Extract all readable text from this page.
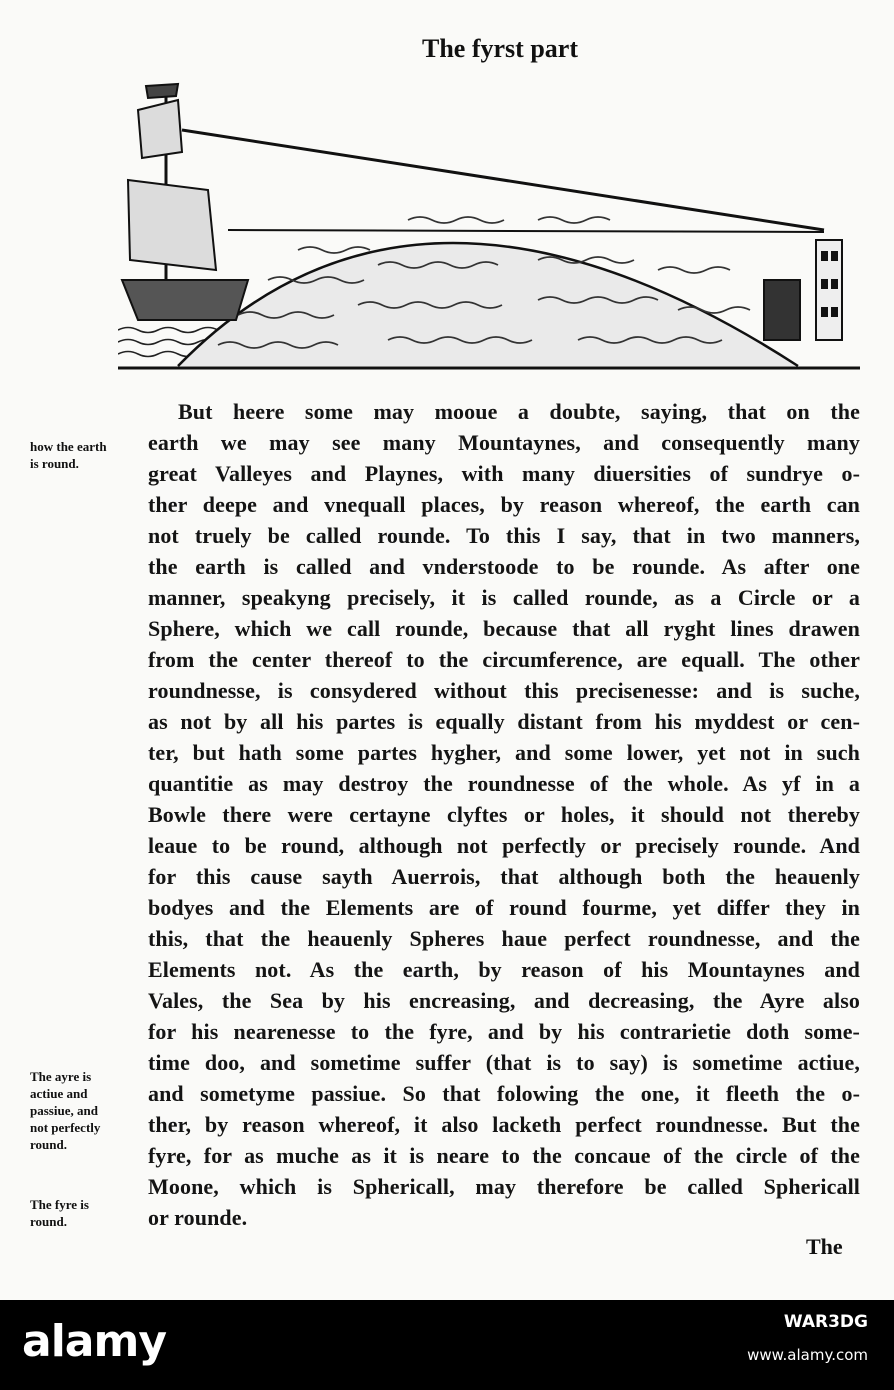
The fyrst part
how the earth
is round.
The ayre is
actiue and
passiue, and
not perfectly
round.
The fyre is
round.
But heere some may mooue a doubte, saying, that on the
earth we may see many Mountaynes, and consequently many
great Valleyes and Playnes, with many diuersities of sundrye o-
ther deepe and vnequall places, by reason whereof, the earth can
not truely be called rounde. To this I say, that in two manners,
the earth is called and vnderstoode to be rounde. As after one
manner, speakyng precisely, it is called rounde, as a Circle or a
Sphere, which we call rounde, because that all ryght lines drawen
from the center thereof to the circumference, are equall. The other
roundnesse, is consydered without this precisenesse: and is suche,
as not by all his partes is equally distant from his myddest or cen-
ter, but hath some partes hygher, and some lower, yet not in such
quantitie as may destroy the roundnesse of the whole. As yf in a
Bowle there were certayne clyftes or holes, it should not thereby
leaue to be round, although not perfectly or precisely rounde. And
for this cause sayth Auerrois, that although both the heauenly
bodyes and the Elements are of round fourme, yet differ they in
this, that the heauenly Spheres haue perfect roundnesse, and the
Elements not. As the earth, by reason of his Mountaynes and
Vales, the Sea by his encreasing, and decreasing, the Ayre also
for his nearenesse to the fyre, and by his contrarietie doth some-
time doo, and sometime suffer (that is to say) is sometime actiue,
and sometyme passiue. So that folowing the one, it fleeth the o-
ther, by reason whereof, it also lacketh perfect roundnesse. But the
fyre, for as muche as it is neare to the concaue of the circle of the
Moone, which is Sphericall, may therefore be called Sphericall
or rounde.
The
alamy	WAR3DG
www.alamy.com
